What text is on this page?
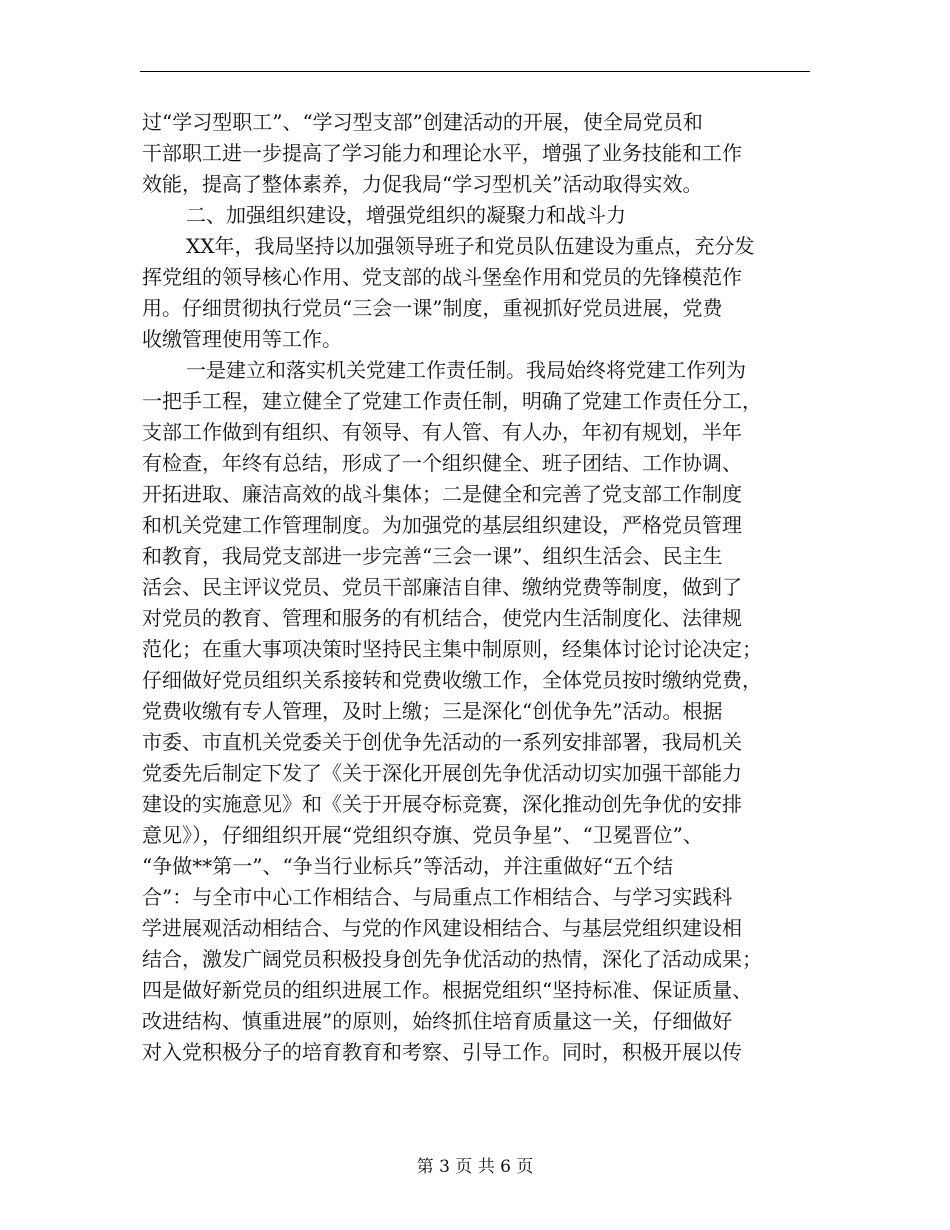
过“学习型职工”、“学习型支部”创建活动的开展，使全局党员和
干部职工进一步提高了学习能力和理论水平，增强了业务技能和工作
效能，提高了整体素养，力促我局“学习型机关”活动取得实效。
二、加强组织建设，增强党组织的凝聚力和战斗力
XX年，我局坚持以加强领导班子和党员队伍建设为重点，充分发
挥党组的领导核心作用、党支部的战斗堡垒作用和党员的先锋模范作
用。仔细贯彻执行党员“三会一课”制度，重视抓好党员进展，党费
收缴管理使用等工作。
一是建立和落实机关党建工作责任制。我局始终将党建工作列为
一把手工程，建立健全了党建工作责任制，明确了党建工作责任分工，
支部工作做到有组织、有领导、有人管、有人办，年初有规划，半年
有检查，年终有总结，形成了一个组织健全、班子团结、工作协调、
开拓进取、廉洁高效的战斗集体；二是健全和完善了党支部工作制度
和机关党建工作管理制度。为加强党的基层组织建设，严格党员管理
和教育，我局党支部进一步完善“三会一课”、组织生活会、民主生
活会、民主评议党员、党员干部廉洁自律、缴纳党费等制度，做到了
对党员的教育、管理和服务的有机结合，使党内生活制度化、法律规
范化；在重大事项决策时坚持民主集中制原则，经集体讨论讨论决定；
仔细做好党员组织关系接转和党费收缴工作，全体党员按时缴纳党费，
党费收缴有专人管理，及时上缴；三是深化“创优争先”活动。根据
市委、市直机关党委关于创优争先活动的一系列安排部署，我局机关
党委先后制定下发了《关于深化开展创先争优活动切实加强干部能力
建设的实施意见》和《关于开展夺标竞赛，深化推动创先争优的安排
意见》），仔细组织开展“党组织夺旗、党员争星”、“卫冕晋位”、
“争做**第一”、“争当行业标兵”等活动，并注重做好“五个结
合”：与全市中心工作相结合、与局重点工作相结合、与学习实践科
学进展观活动相结合、与党的作风建设相结合、与基层党组织建设相
结合，激发广阔党员积极投身创先争优活动的热情，深化了活动成果；
四是做好新党员的组织进展工作。根据党组织“坚持标准、保证质量、
改进结构、慎重进展”的原则，始终抓住培育质量这一关，仔细做好
对入党积极分子的培育教育和考察、引导工作。同时，积极开展以传
第 3 页 共 6 页
